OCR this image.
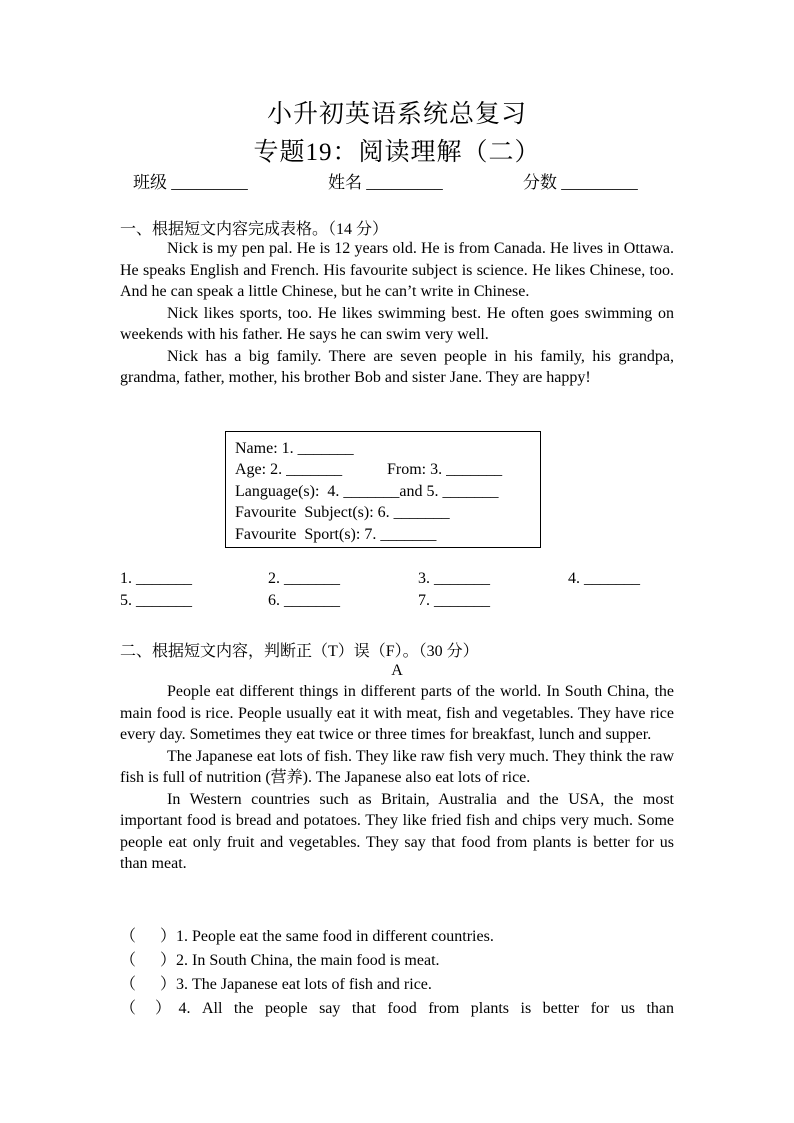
小升初英语系统总复习
专题19：阅读理解（二）
班级 _________	姓名 _________	分数 _________
一、根据短文内容完成表格。（14 分）

Nick is my pen pal. He is 12 years old. He is from Canada. He lives in Ottawa. He speaks English and French. His favourite subject is science. He likes Chinese, too. And he can speak a little Chinese, but he can’t write in Chinese.

Nick likes sports, too. He likes swimming best. He often goes swimming on weekends with his father. He says he can swim very well.

Nick has a big family. There are seven people in his family, his grandpa, grandma, father, mother, his brother Bob and sister Jane. They are happy!

Name: 1. _______
Age: 2. _______	From: 3. _______
Language(s):  4. _______and 5. _______
Favourite  Subject(s): 6. _______
Favourite  Sport(s): 7. _______
1. _______	2. _______	3. _______	4. _______
5. _______	6. _______	7. _______
二、根据短文内容，判断正（T）误（F）。（30 分）
A

People eat different things in different parts of the world. In South China, the main food is rice. People usually eat it with meat, fish and vegetables. They have rice every day. Sometimes they eat twice or three times for breakfast, lunch and supper.

The Japanese eat lots of fish. They like raw fish very much. They think the raw fish is full of nutrition (营养). The Japanese also eat lots of rice.

In Western countries such as Britain, Australia and the USA, the most important food is bread and potatoes. They like fried fish and chips very much. Some people eat only fruit and vegetables. They say that food from plants is better for us than meat.

（      ）1. People eat the same food in different countries.
（      ）2. In South China, the main food is meat.
（      ）3. The Japanese eat lots of fish and rice.
（ ）4. All the people say that food from plants is better for us than
